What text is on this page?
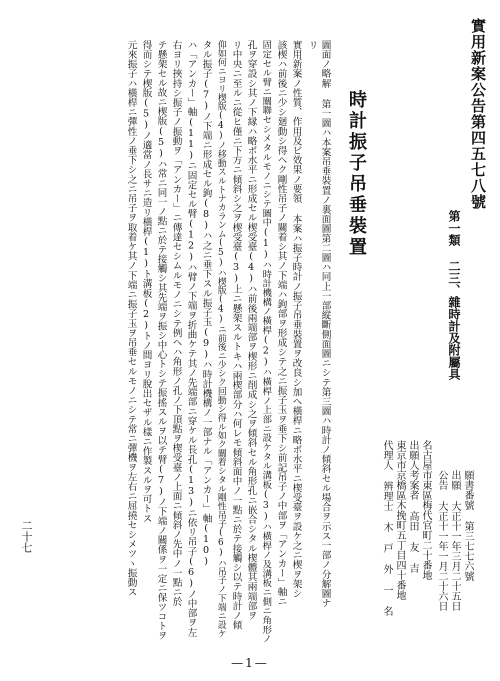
實用新案公告第四五七八號
第一類 二三、雜時計及附屬具
願書番號 第三七七六號
出願 大正十一年三月二十五日
公告 大正十一年一月二十六日
名古屋市東區梅代官町二十番地
出願人考案者 高田 友 吉
東京市京橋區木挽町五丁目四十番地
代理人 辨理士 木 戸 外 一 名
時計振子吊垂裝置
圖面ノ略解 第一圖ハ本案吊垂裝置ノ裏面圖第二圖ハ同上一部縦斷側面圖ニシテ第三圖ハ時計ノ傾斜セル場合ヲ示ス一部ノ分解圖ナ
リ
實用新案ノ性質、作用及ビ效果ノ要領 本案ハ振子時計ノ振子吊垂裝置ヲ改良シ加ヘ橫桿ニ略ボ水平ニ楔受臺ヲ設ケ之ニ楔ヲ架シ
該楔ハ前後ニ少シ廻動シ得ヘク剛性吊子ノ關着シ其ノ下端ハ鉤部ヲ形成シテ之ニ振子玉ヲ垂下シ前記吊子ノ中部ヲ「アンカー」軸ニ
固定セル臂ニ關聯セシメタルモノニシテ圖中(1)ハ時計機構ノ橫桿(2)ハ橫桿ノ上部ニ設ケタル溝板(3)ハ橫桿ノ及溝板ニ側ニ角形ノ
孔ヲ穿設シ其ノ下縁ハ略ボ水平ニ形成セル楔受臺(4)ハ前後兩端部ヲ楔形ニ削成シ之ヲ傾斜セル角形孔ニ嵌合シタル楔體其兩端部ヲ
リ中央ニ至ルニ從ヒ僅ニ下方ニ傾斜シ之ヲ楔受臺(3)上ニ懸架スルトキハ兩楔部分ハ何レモ傾斜面中ノ一點ニ於テ接觸シ以テ時計ノ傾
仰如何ニヨリ楔版(4)ノ移動スルトナカランム(5)ハ楔版(4)ニ前後ニ少シク回動シ得ル如ク關着シタル剛性吊子(6)ハ吊子ノ下端ニ設ケ
タル振子(7)ノ下端ニ形成セル鉤(8)ハ之ニ垂下スル振子玉(9)ハ時計機構ノ一部ナル「アンカー」軸(10)
ハ「アンカー」軸(11)ニ固定セル臂(12)ハ臂ノ下端ヲ折曲ケテ其ノ先端部ニ穿ケル長孔(13)ニ依リ吊子(6)ノ中部ヲ左
右ヨリ挾持シ振子ノ振動ヲ「アンカー」ニ傳達セシムルモノニシテ例ヘハ角形ノ孔ノ下頂點ヲ楔受臺ノ上面ニ傾斜ノ先中ノ一點ニ於
テ懸架セル故ニ楔版(5)ハ常ニ同一ノ點ニ於テ接觸シ其先端ヲ振シ中心トシテ振搖スルヲ以テ臂(7)ノ下端ノ關係ヲ一定ニ保ツコトヲ
得而シテ楔版(5)ノ適當ノ長サニ造リ橫桿(1)ト溝板(2)トノ間ヨリ脫出セザル樣ニ作製スルヲ可トス
元來振子ハ橫桿ニ彈性ノ垂下シ之ニ吊子ヲ取着ケ其ノ下端ニ振子玉ヲ吊垂セルモノニシテ常ニ彈機ヲ左右ニ屈撓セシメツヽ振動ス
二十七
—1—
